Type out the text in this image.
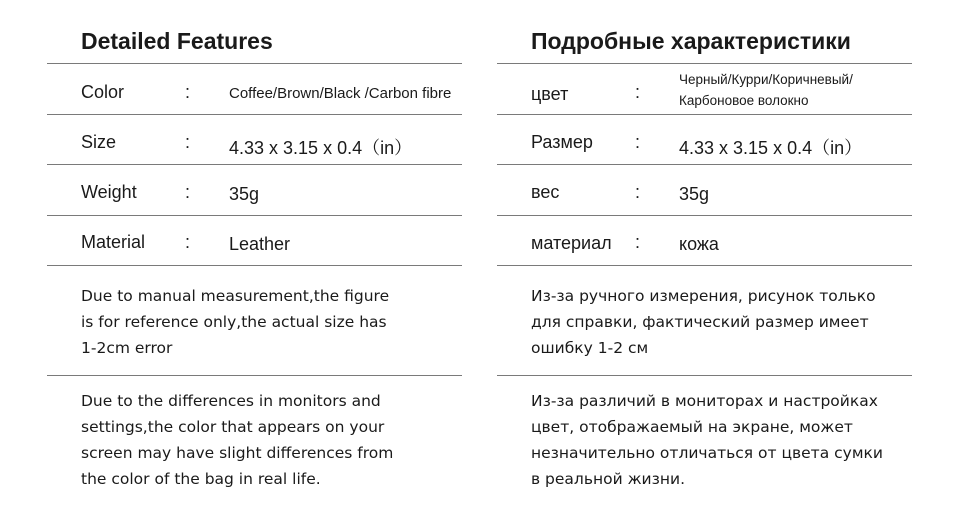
Detailed Features
Color	:	Coffee/Brown/Black /Carbon fibre
Size	: 4.33 x 3.15 x 0.4（in）
Weight	: 35g
Material : Leather
Due to manual measurement,the figure
is for reference only,the actual size has
1-2cm error
Due to the differences in monitors and
settings,the color that appears on your
screen may have slight differences from
the color of the bag in real life.
Подробные характеристики
цвет	:
Черный/Курри/Коричневый/
Карбоновое волокно
Размер : 4.33 x 3.15 x 0.4（in）
вес	: 35g
материал : кожа
Из-за ручного измерения, рисунок только
для справки, фактический размер имеет
ошибку 1-2 см
Из-за различий в мониторах и настройках
цвет, отображаемый на экране, может
незначительно отличаться от цвета сумки
в реальной жизни.
